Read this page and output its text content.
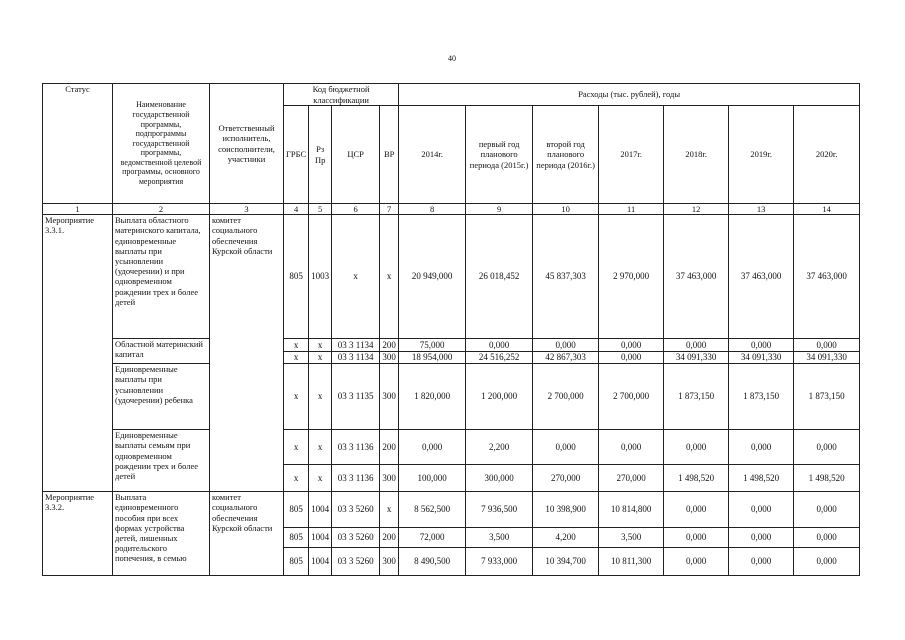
40
Статус	Наименование государственной программы, подпрограммы государственной программы, ведомственной целевой программы, основного мероприятия	Ответственный исполнитель, соисполнители, участники	Код бюджетной классификации				Расходы (тыс. рублей), годы						
			ГРБС	Рз Пр	ЦСР	ВР	2014г.	первый год планового периода (2015г.)	второй год планового периода (2016г.)	2017г.	2018г.	2019г.	2020г.
1	2	3	4	5	6	7	8	9	10	11	12	13	14
Мероприятие 3.3.1.	Выплата областного материнского капитала, единовременные выплаты при усыновлении (удочерении) и при одновременном рождении трех и более детей	комитет социального обеспечения Курской области	805	1003	х	х	20 949,000	26 018,452	45 837,303	2 970,000	37 463,000	37 463,000	37 463,000
	Областной материнский капитал		х	х	03 3 1134	200	75,000	0,000	0,000	0,000	0,000	0,000	0,000
			х	х	03 3 1134	300	18 954,000	24 516,252	42 867,303	0,000	34 091,330	34 091,330	34 091,330
	Единовременные выплаты при усыновлении (удочерении) ребенка		х	х	03 3 1135	300	1 820,000	1 200,000	2 700,000	2 700,000	1 873,150	1 873,150	1 873,150
	Единовременные выплаты семьям при одновременном рождении трех и более детей		х	х	03 3 1136	200	0,000	2,200	0,000	0,000	0,000	0,000	0,000
			х	х	03 3 1136	300	100,000	300,000	270,000	270,000	1 498,520	1 498,520	1 498,520
Мероприятие 3.3.2.	Выплата единовременного пособия при всех формах устройства детей, лишенных родительского попечения, в семью	комитет социального обеспечения Курской области	805	1004	03 3 5260	х	8 562,500	7 936,500	10 398,900	10 814,800	0,000	0,000	0,000
			805	1004	03 3 5260	200	72,000	3,500	4,200	3,500	0,000	0,000	0,000
			805	1004	03 3 5260	300	8 490,500	7 933,000	10 394,700	10 811,300	0,000	0,000	0,000
